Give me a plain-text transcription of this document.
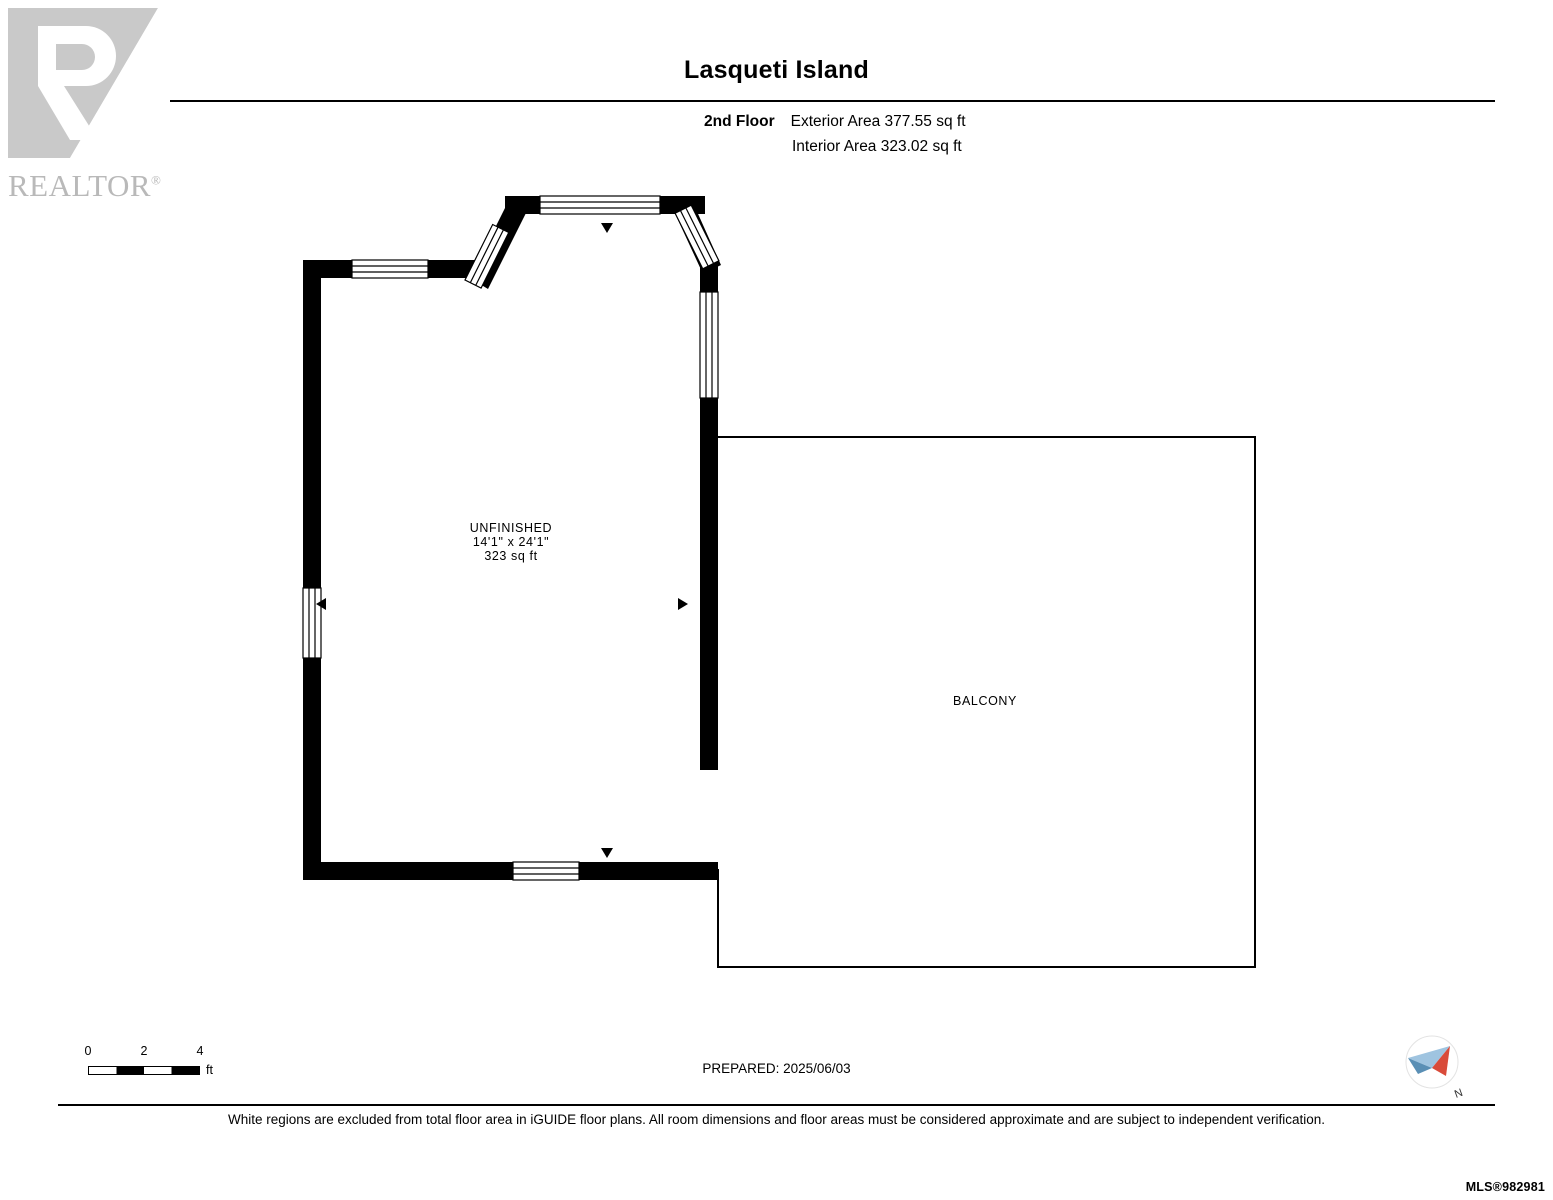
REALTOR®
Lasqueti Island
2nd Floor Exterior Area 377.55 sq ft
Interior Area 323.02 sq ft
UNFINISHED
14'1" x 24'1"
323 sq ft
BALCONY
0	2	4
ft	PREPARED: 2025/06/03
N
White regions are excluded from total floor area in iGUIDE floor plans. All room dimensions and floor areas must be considered approximate and are subject to independent verification.
MLS®982981
